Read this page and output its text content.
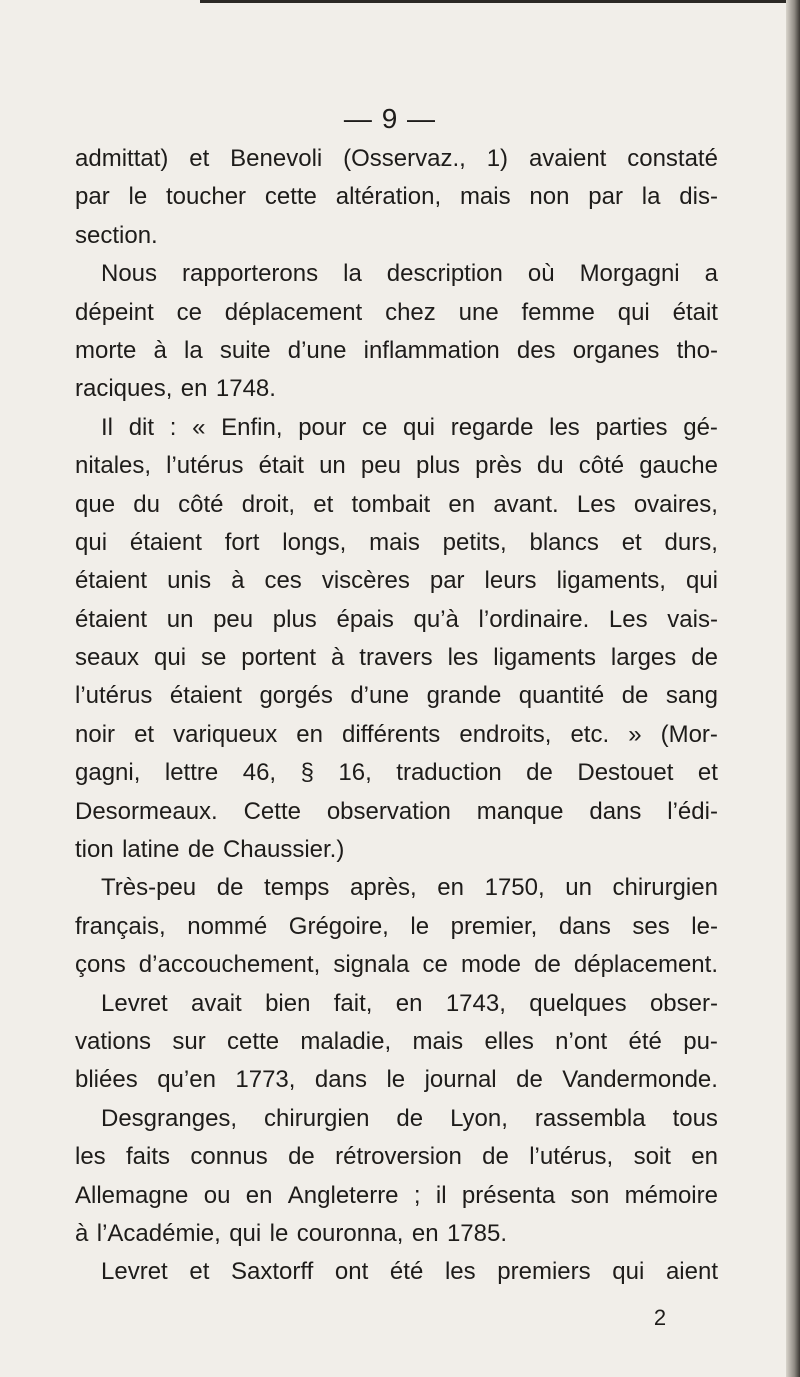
— 9 —
admittat) et Benevoli (Osservaz., 1) avaient constaté
par le toucher cette altération, mais non par la dis-
section.
Nous rapporterons la description où Morgagni a
dépeint ce déplacement chez une femme qui était
morte à la suite d’une inflammation des organes tho-
raciques, en 1748.
Il dit : « Enfin, pour ce qui regarde les parties gé-
nitales, l’utérus était un peu plus près du côté gauche
que du côté droit, et tombait en avant. Les ovaires,
qui étaient fort longs, mais petits, blancs et durs,
étaient unis à ces viscères par leurs ligaments, qui
étaient un peu plus épais qu’à l’ordinaire. Les vais-
seaux qui se portent à travers les ligaments larges de
l’utérus étaient gorgés d’une grande quantité de sang
noir et variqueux en différents endroits, etc. » (Mor-
gagni, lettre 46, § 16, traduction de Destouet et
Desormeaux. Cette observation manque dans l’édi-
tion latine de Chaussier.)
Très-peu de temps après, en 1750, un chirurgien
français, nommé Grégoire, le premier, dans ses le-
çons d’accouchement, signala ce mode de déplacement.
Levret avait bien fait, en 1743, quelques obser-
vations sur cette maladie, mais elles n’ont été pu-
bliées qu’en 1773, dans le journal de Vandermonde.
Desgranges, chirurgien de Lyon, rassembla tous
les faits connus de rétroversion de l’utérus, soit en
Allemagne ou en Angleterre ; il présenta son mémoire
à l’Académie, qui le couronna, en 1785.
Levret et Saxtorff ont été les premiers qui aient
2
